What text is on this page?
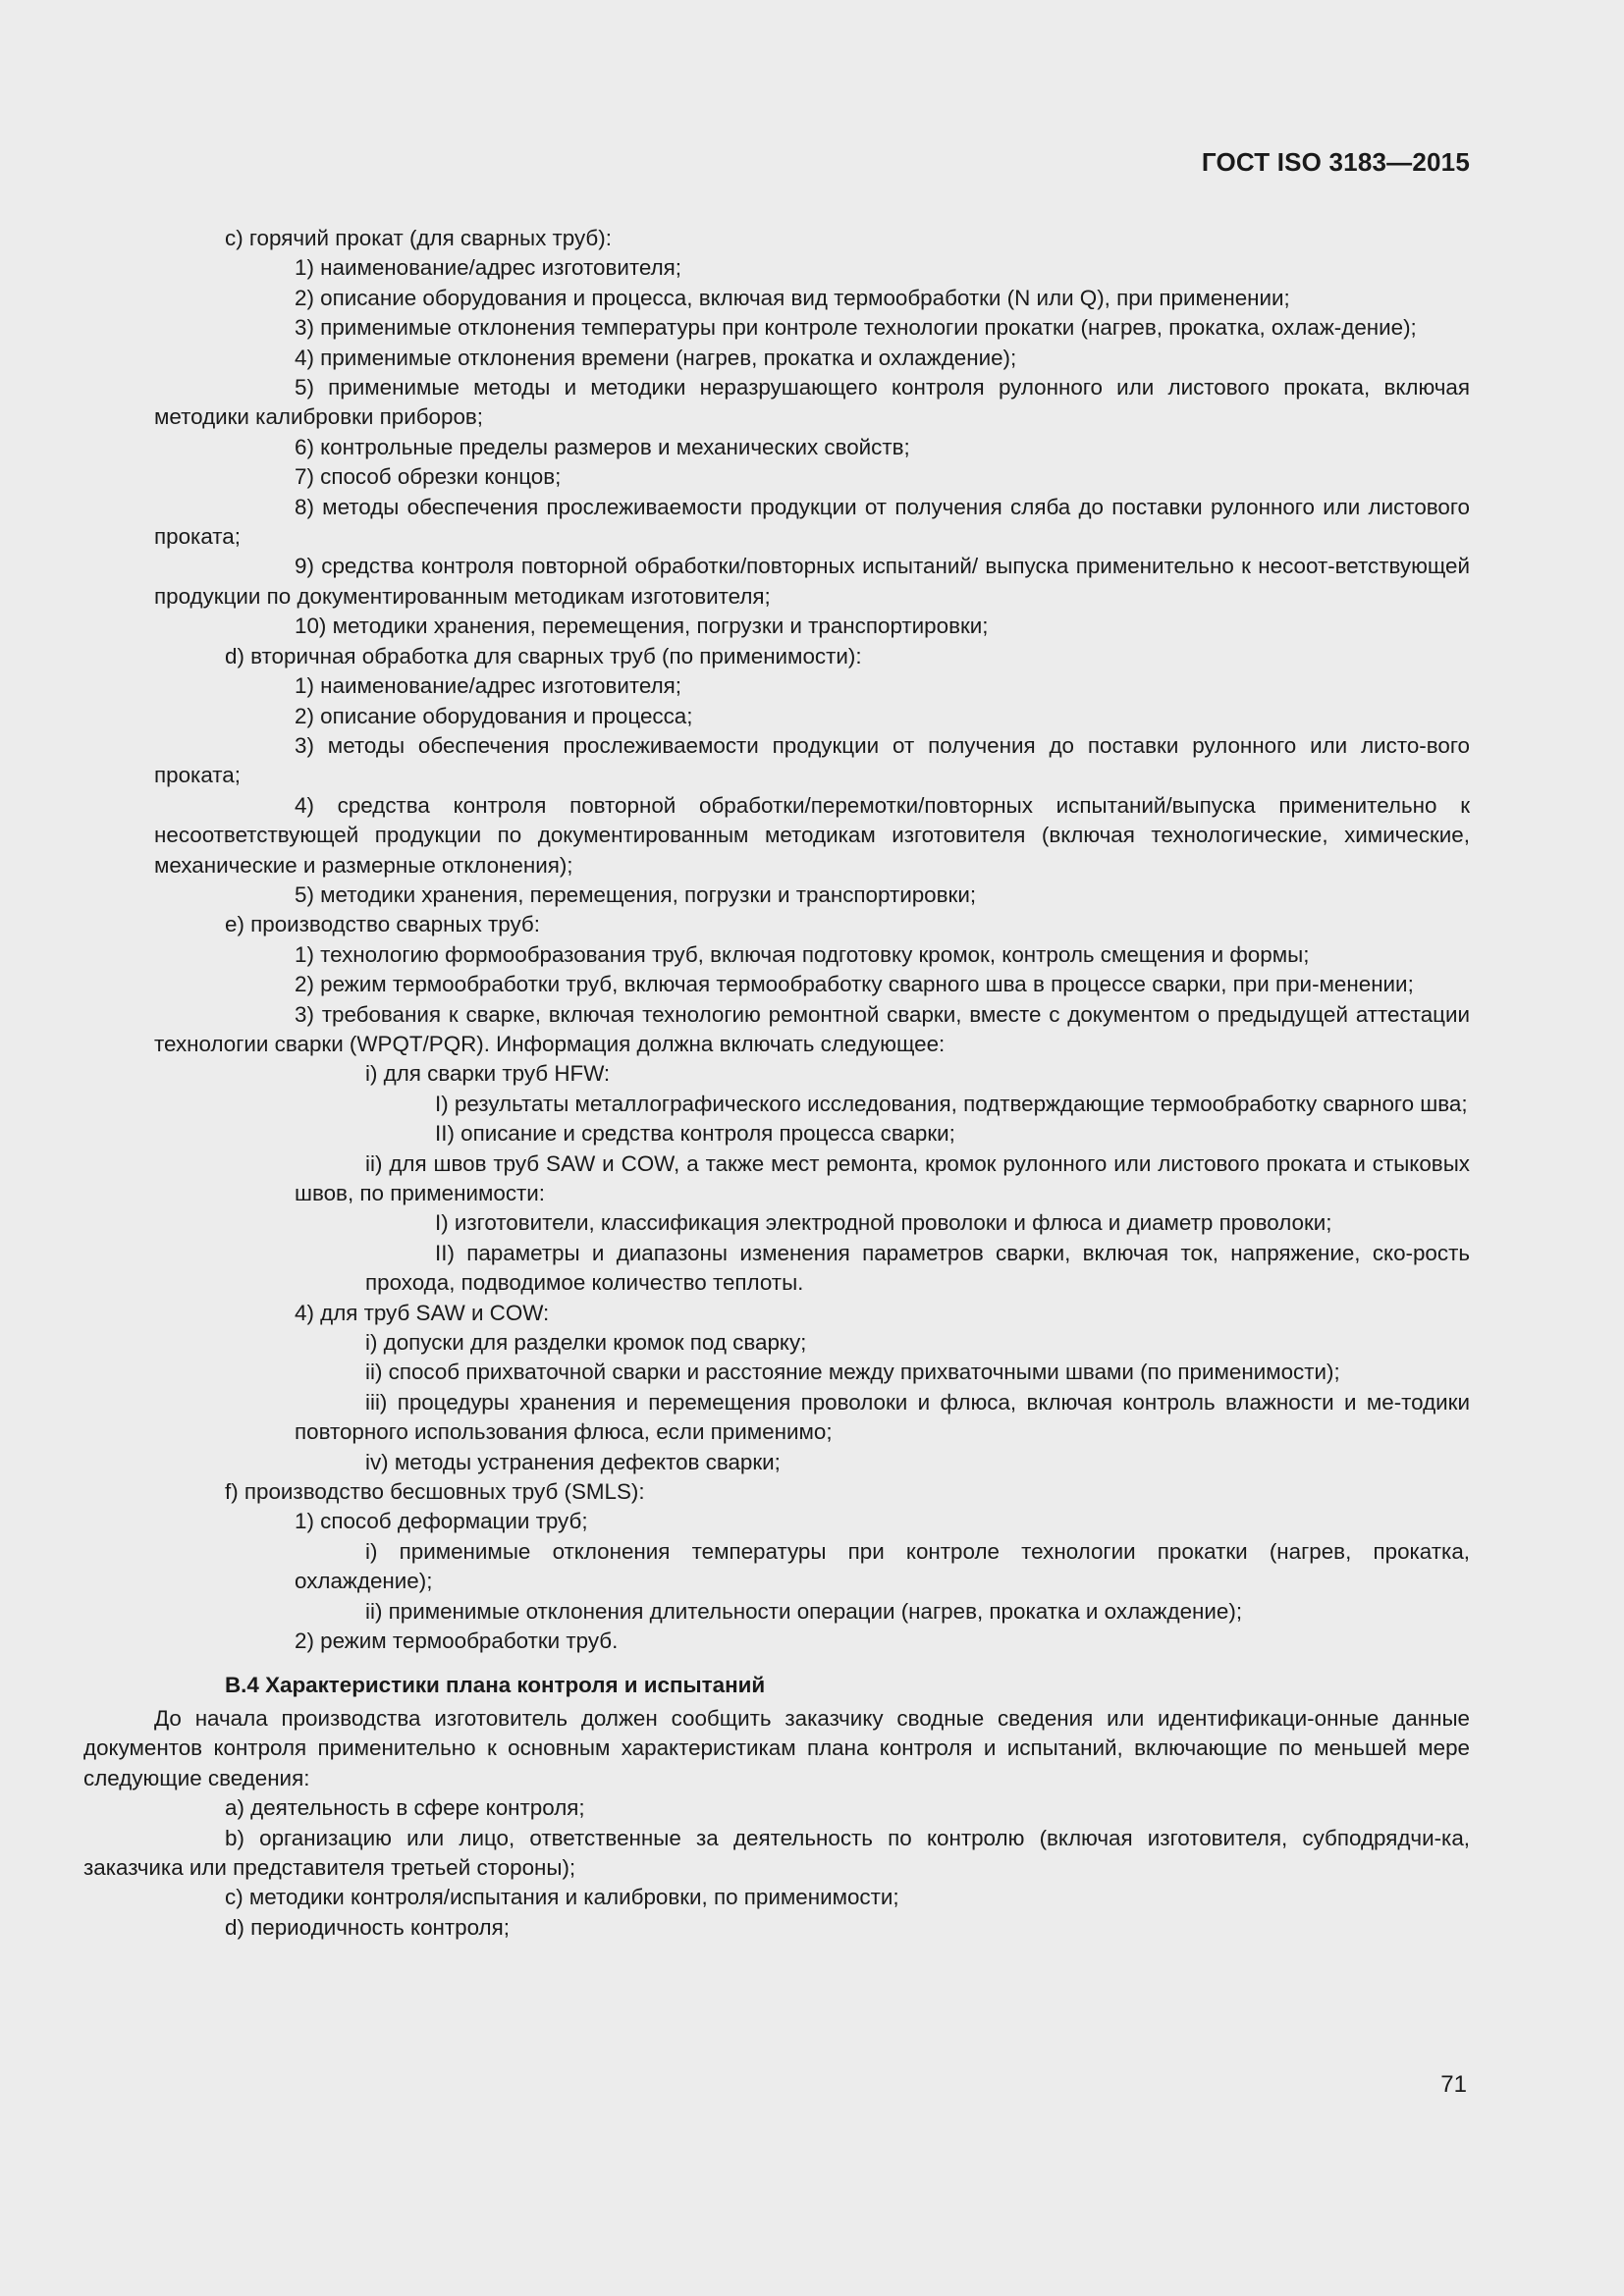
ГОСТ ISO 3183—2015

c) горячий прокат (для сварных труб):

1) наименование/адрес изготовителя;

2) описание оборудования и процесса, включая вид термообработки (N или Q), при применении;

3) применимые отклонения температуры при контроле технологии прокатки (нагрев, прокатка, охлаж-дение);

4) применимые отклонения времени (нагрев, прокатка и охлаждение);

5) применимые методы и методики неразрушающего контроля рулонного или листового проката, включая методики калибровки приборов;

6) контрольные пределы размеров и механических свойств;

7) способ обрезки концов;

8) методы обеспечения прослеживаемости продукции от получения сляба до поставки рулонного или листового проката;

9) средства контроля повторной обработки/повторных испытаний/ выпуска применительно к несоот-ветствующей продукции по документированным методикам изготовителя;

10) методики хранения, перемещения, погрузки и транспортировки;

d) вторичная обработка для сварных труб (по применимости):

1) наименование/адрес изготовителя;

2) описание оборудования и процесса;

3) методы обеспечения прослеживаемости продукции от получения до поставки рулонного или листо-вого проката;

4) средства контроля повторной обработки/перемотки/повторных испытаний/выпуска применительно к несоответствующей продукции по документированным методикам изготовителя (включая технологические, химические, механические и размерные отклонения);

5) методики хранения, перемещения, погрузки и транспортировки;

e) производство сварных труб:

1) технологию формообразования труб, включая подготовку кромок, контроль смещения и формы;

2) режим термообработки труб, включая термообработку сварного шва в процессе сварки, при при-менении;

3) требования к сварке, включая технологию ремонтной сварки, вместе с документом о предыдущей аттестации технологии сварки (WPQT/PQR). Информация должна включать следующее:

i) для сварки труб HFW:

I) результаты металлографического исследования, подтверждающие термообработку сварного шва;

II) описание и средства контроля процесса сварки;

ii) для швов труб SAW и COW, а также мест ремонта, кромок рулонного или листового проката и стыковых швов, по применимости:

I) изготовители, классификация электродной проволоки и флюса и диаметр проволоки;

II) параметры и диапазоны изменения параметров сварки, включая ток, напряжение, ско-рость прохода, подводимое количество теплоты.

4) для труб SAW и COW:

i) допуски для разделки кромок под сварку;

ii) способ прихваточной сварки и расстояние между прихваточными швами (по применимости);

iii) процедуры хранения и перемещения проволоки и флюса, включая контроль влажности и ме-тодики повторного использования флюса, если применимо;

iv) методы устранения дефектов сварки;

f) производство бесшовных труб (SMLS):

1) способ деформации труб;

i) применимые отклонения температуры при контроле технологии прокатки (нагрев, прокатка, охлаждение);

ii) применимые отклонения длительности операции (нагрев, прокатка и охлаждение);

2) режим термообработки труб.

В.4 Характеристики плана контроля и испытаний

До начала производства изготовитель должен сообщить заказчику сводные сведения или идентификаци-онные данные документов контроля применительно к основным характеристикам плана контроля и испытаний, включающие по меньшей мере следующие сведения:

a) деятельность в сфере контроля;

b) организацию или лицо, ответственные за деятельность по контролю (включая изготовителя, субподрядчи-ка, заказчика или представителя третьей стороны);

c) методики контроля/испытания и калибровки, по применимости;

d) периодичность контроля;

71
